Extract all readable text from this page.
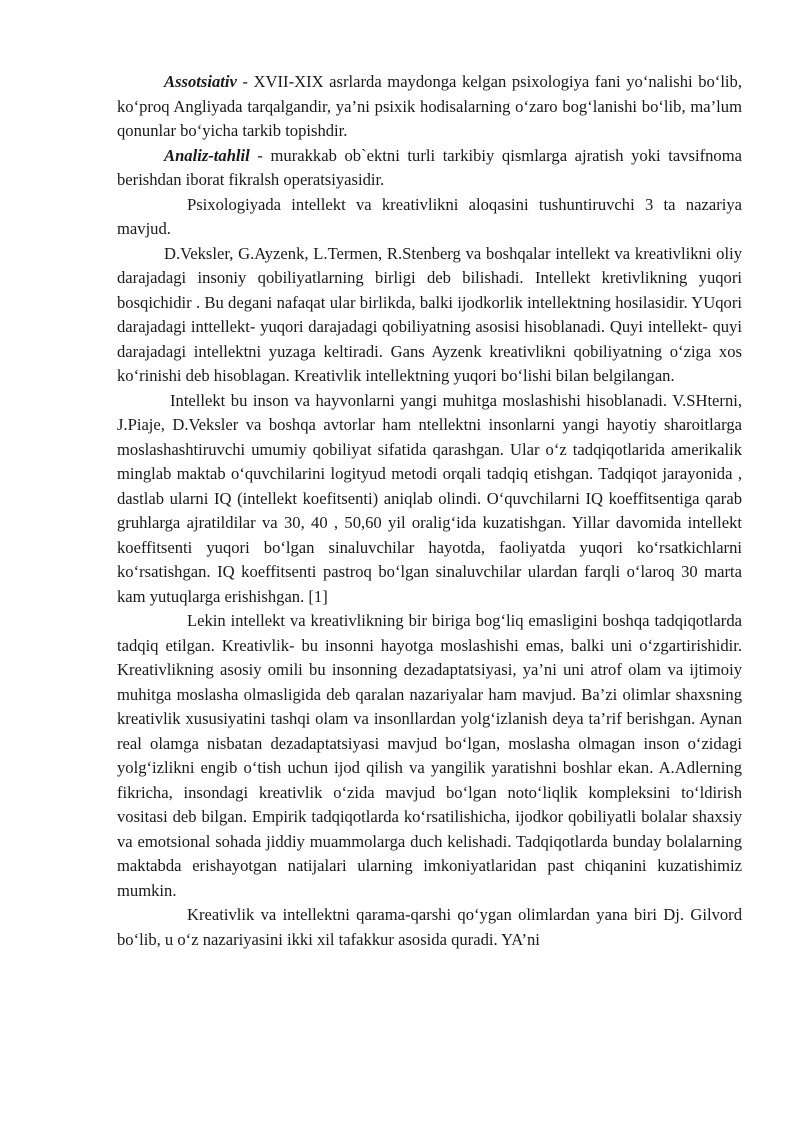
Assotsiativ - XVII-XIX asrlarda maydonga kelgan psixologiya fani yo‘nalishi bo‘lib, ko‘proq Angliyada tarqalgandir, ya’ni psixik hodisalarning o‘zaro bog‘lanishi bo‘lib, ma’lum qonunlar bo‘yicha tarkib topishdir.

Analiz-tahlil - murakkab ob`ektni turli tarkibiy qismlarga ajratish yoki tavsifnoma berishdan iborat fikralsh operatsiyasidir.

Psixologiyada intellekt va kreativlikni aloqasini tushuntiruvchi 3 ta nazariya mavjud.

D.Veksler, G.Ayzenk, L.Termen, R.Stenberg va boshqalar intellekt va kreativlikni oliy darajadagi insoniy qobiliyatlarning birligi deb bilishadi. Intellekt kretivlikning yuqori bosqichidir . Bu degani nafaqat ular birlikda, balki ijodkorlik intellektning hosilasidir. YUqori darajadagi inttellekt- yuqori darajadagi qobiliyatning asosisi hisoblanadi. Quyi intellekt- quyi darajadagi intellektni yuzaga keltiradi. Gans Ayzenk kreativlikni qobiliyatning o‘ziga xos ko‘rinishi deb hisoblagan. Kreativlik intellektning yuqori bo‘lishi bilan belgilangan.

Intellekt bu inson va hayvonlarni yangi muhitga moslashishi hisoblanadi. V.SHterni, J.Piaje, D.Veksler va boshqa avtorlar ham ntellektni insonlarni yangi hayotiy sharoitlarga moslashashtiruvchi umumiy qobiliyat sifatida qarashgan. Ular o‘z tadqiqotlarida amerikalik minglab maktab o‘quvchilarini logityud metodi orqali tadqiq etishgan. Tadqiqot jarayonida , dastlab ularni IQ (intellekt koefitsenti) aniqlab olindi. O‘quvchilarni IQ koeffitsentiga qarab gruhlarga ajratildilar va 30, 40 , 50,60 yil oralig‘ida kuzatishgan. Yillar davomida intellekt koeffitsenti yuqori bo‘lgan sinaluvchilar hayotda, faoliyatda yuqori ko‘rsatkichlarni ko‘rsatishgan. IQ koeffitsenti pastroq bo‘lgan sinaluvchilar ulardan farqli o‘laroq 30 marta kam yutuqlarga erishishgan. [1]

Lekin intellekt va kreativlikning bir biriga bog‘liq emasligini boshqa tadqiqotlarda tadqiq etilgan. Kreativlik- bu insonni hayotga moslashishi emas, balki uni o‘zgartirishidir. Kreativlikning asosiy omili bu insonning dezadaptatsiyasi, ya’ni uni atrof olam va ijtimoiy muhitga moslasha olmasligida deb qaralan nazariyalar ham mavjud. Ba’zi olimlar shaxsning kreativlik xususiyatini tashqi olam va insonllardan yolg‘izlanish deya ta’rif berishgan. Aynan real olamga nisbatan dezadaptatsiyasi mavjud bo‘lgan, moslasha olmagan inson o‘zidagi yolg‘izlikni engib o‘tish uchun ijod qilish va yangilik yaratishni boshlar ekan. A.Adlerning fikricha, insondagi kreativlik o‘zida mavjud bo‘lgan noto‘liqlik kompleksini to‘ldirish vositasi deb bilgan. Empirik tadqiqotlarda ko‘rsatilishicha, ijodkor qobiliyatli bolalar shaxsiy va emotsional sohada jiddiy muammolarga duch kelishadi. Tadqiqotlarda bunday bolalarning maktabda erishayotgan natijalari ularning imkoniyatlaridan past chiqanini kuzatishimiz mumkin.

Kreativlik va intellektni qarama-qarshi qo‘ygan olimlardan yana biri Dj. Gilvord bo‘lib, u o‘z nazariyasini ikki xil tafakkur asosida quradi. YA’ni
